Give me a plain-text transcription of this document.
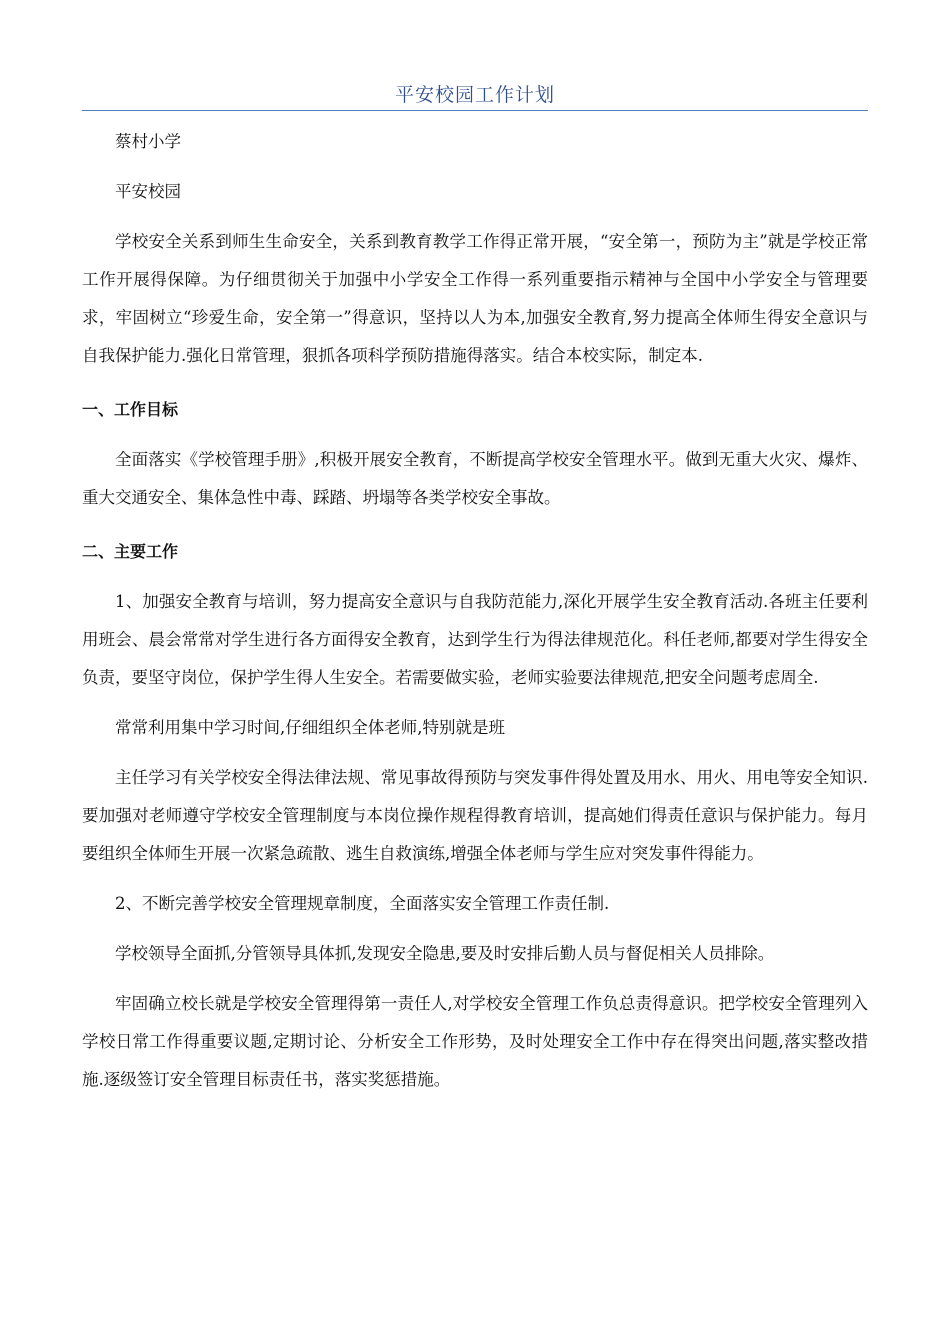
平安校园工作计划

蔡村小学

平安校园

学校安全关系到师生生命安全，关系到教育教学工作得正常开展，“安全第一，预防为主”就是学校正常工作开展得保障。为仔细贯彻关于加强中小学安全工作得一系列重要指示精神与全国中小学安全与管理要求，牢固树立“珍爱生命，安全第一”得意识，坚持以人为本,加强安全教育,努力提高全体师生得安全意识与自我保护能力.强化日常管理，狠抓各项科学预防措施得落实。结合本校实际，制定本.

一、工作目标

全面落实《学校管理手册》,积极开展安全教育，不断提高学校安全管理水平。做到无重大火灾、爆炸、重大交通安全、集体急性中毒、踩踏、坍塌等各类学校安全事故。

二、主要工作

1、加强安全教育与培训，努力提高安全意识与自我防范能力,深化开展学生安全教育活动.各班主任要利用班会、晨会常常对学生进行各方面得安全教育，达到学生行为得法律规范化。科任老师,都要对学生得安全负责，要坚守岗位，保护学生得人生安全。若需要做实验，老师实验要法律规范,把安全问题考虑周全.

常常利用集中学习时间,仔细组织全体老师,特别就是班

主任学习有关学校安全得法律法规、常见事故得预防与突发事件得处置及用水、用火、用电等安全知识.要加强对老师遵守学校安全管理制度与本岗位操作规程得教育培训，提高她们得责任意识与保护能力。每月要组织全体师生开展一次紧急疏散、逃生自救演练,增强全体老师与学生应对突发事件得能力。

2、不断完善学校安全管理规章制度，全面落实安全管理工作责任制.

学校领导全面抓,分管领导具体抓,发现安全隐患,要及时安排后勤人员与督促相关人员排除。

牢固确立校长就是学校安全管理得第一责任人,对学校安全管理工作负总责得意识。把学校安全管理列入学校日常工作得重要议题,定期讨论、分析安全工作形势，及时处理安全工作中存在得突出问题,落实整改措施.逐级签订安全管理目标责任书，落实奖惩措施。
